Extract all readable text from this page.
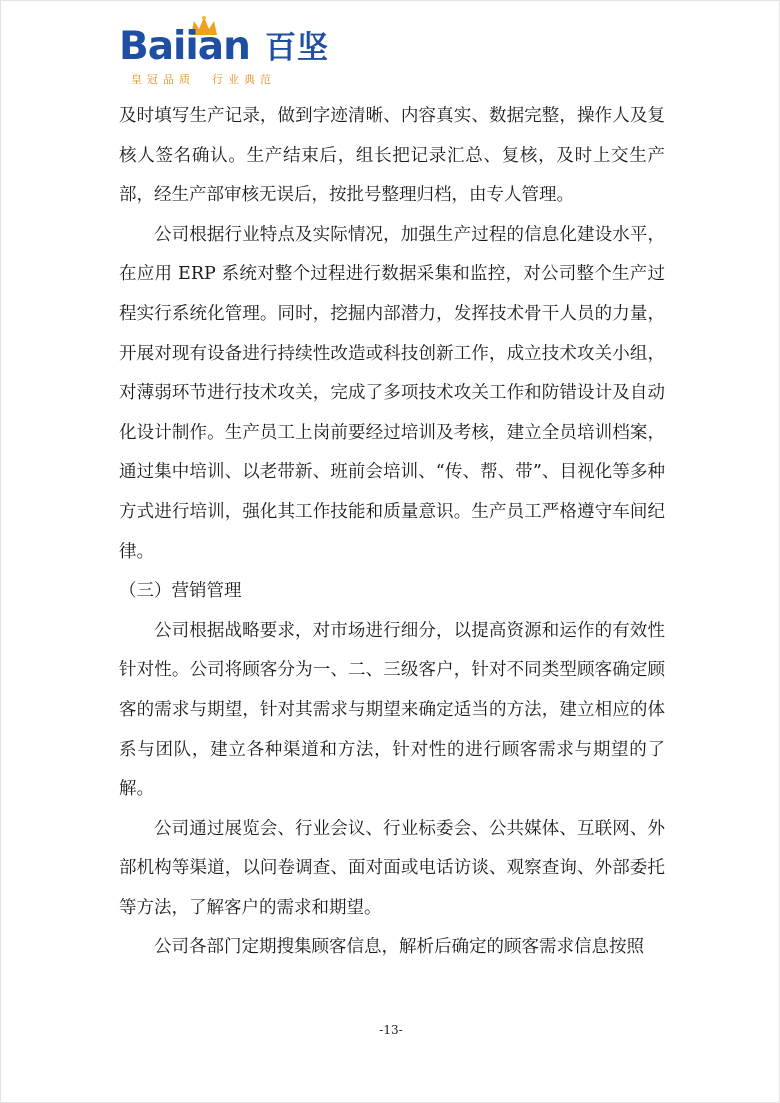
Baiian 百坚
皇冠品质  行业典范

及时填写生产记录，做到字迹清晰、内容真实、数据完整，操作人及复核人签名确认。生产结束后，组长把记录汇总、复核，及时上交生产部，经生产部审核无误后，按批号整理归档，由专人管理。

公司根据行业特点及实际情况，加强生产过程的信息化建设水平，在应用 ERP 系统对整个过程进行数据采集和监控，对公司整个生产过程实行系统化管理。同时，挖掘内部潜力，发挥技术骨干人员的力量，开展对现有设备进行持续性改造或科技创新工作，成立技术攻关小组，对薄弱环节进行技术攻关，完成了多项技术攻关工作和防错设计及自动化设计制作。生产员工上岗前要经过培训及考核，建立全员培训档案，通过集中培训、以老带新、班前会培训、“传、帮、带”、目视化等多种方式进行培训，强化其工作技能和质量意识。生产员工严格遵守车间纪律。

（三）营销管理

公司根据战略要求，对市场进行细分，以提高资源和运作的有效性针对性。公司将顾客分为一、二、三级客户，针对不同类型顾客确定顾客的需求与期望，针对其需求与期望来确定适当的方法，建立相应的体系与团队，建立各种渠道和方法，针对性的进行顾客需求与期望的了解。

公司通过展览会、行业会议、行业标委会、公共媒体、互联网、外部机构等渠道，以问卷调查、面对面或电话访谈、观察查询、外部委托等方法，了解客户的需求和期望。

公司各部门定期搜集顾客信息，解析后确定的顾客需求信息按照

-13-
